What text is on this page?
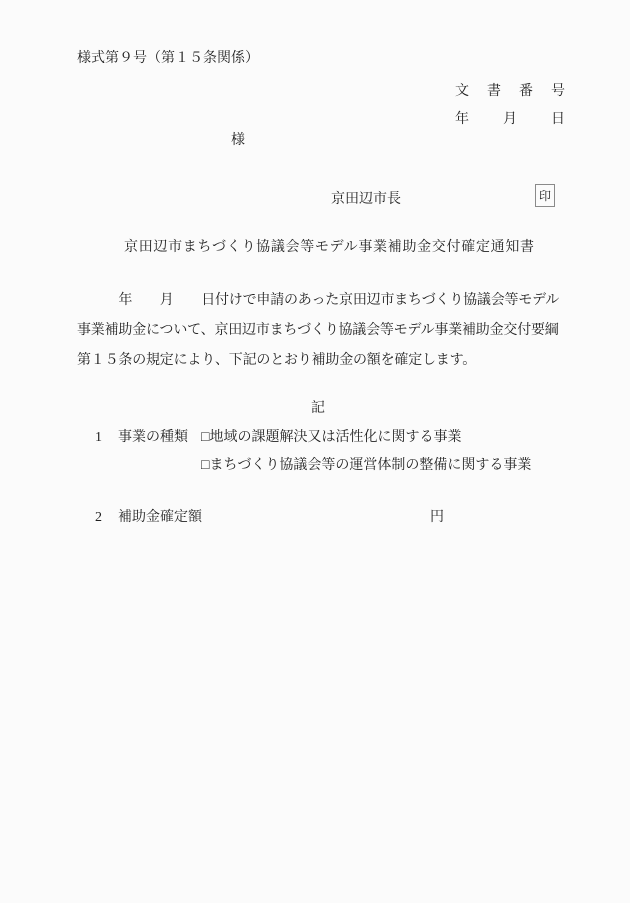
様式第９号（第１５条関係）
文　書　番　号
年　　月　　日
様
京田辺市長	印
京田辺市まちづくり協議会等モデル事業補助金交付確定通知書
　　　年　　月　　日付けで申請のあった京田辺市まちづくり協議会等モデル
事業補助金について、京田辺市まちづくり協議会等モデル事業補助金交付要綱
第１５条の規定により、下記のとおり補助金の額を確定します。
記
1 事業の種類 □地域の課題解決又は活性化に関する事業
□まちづくり協議会等の運営体制の整備に関する事業
2 補助金確定額	円
